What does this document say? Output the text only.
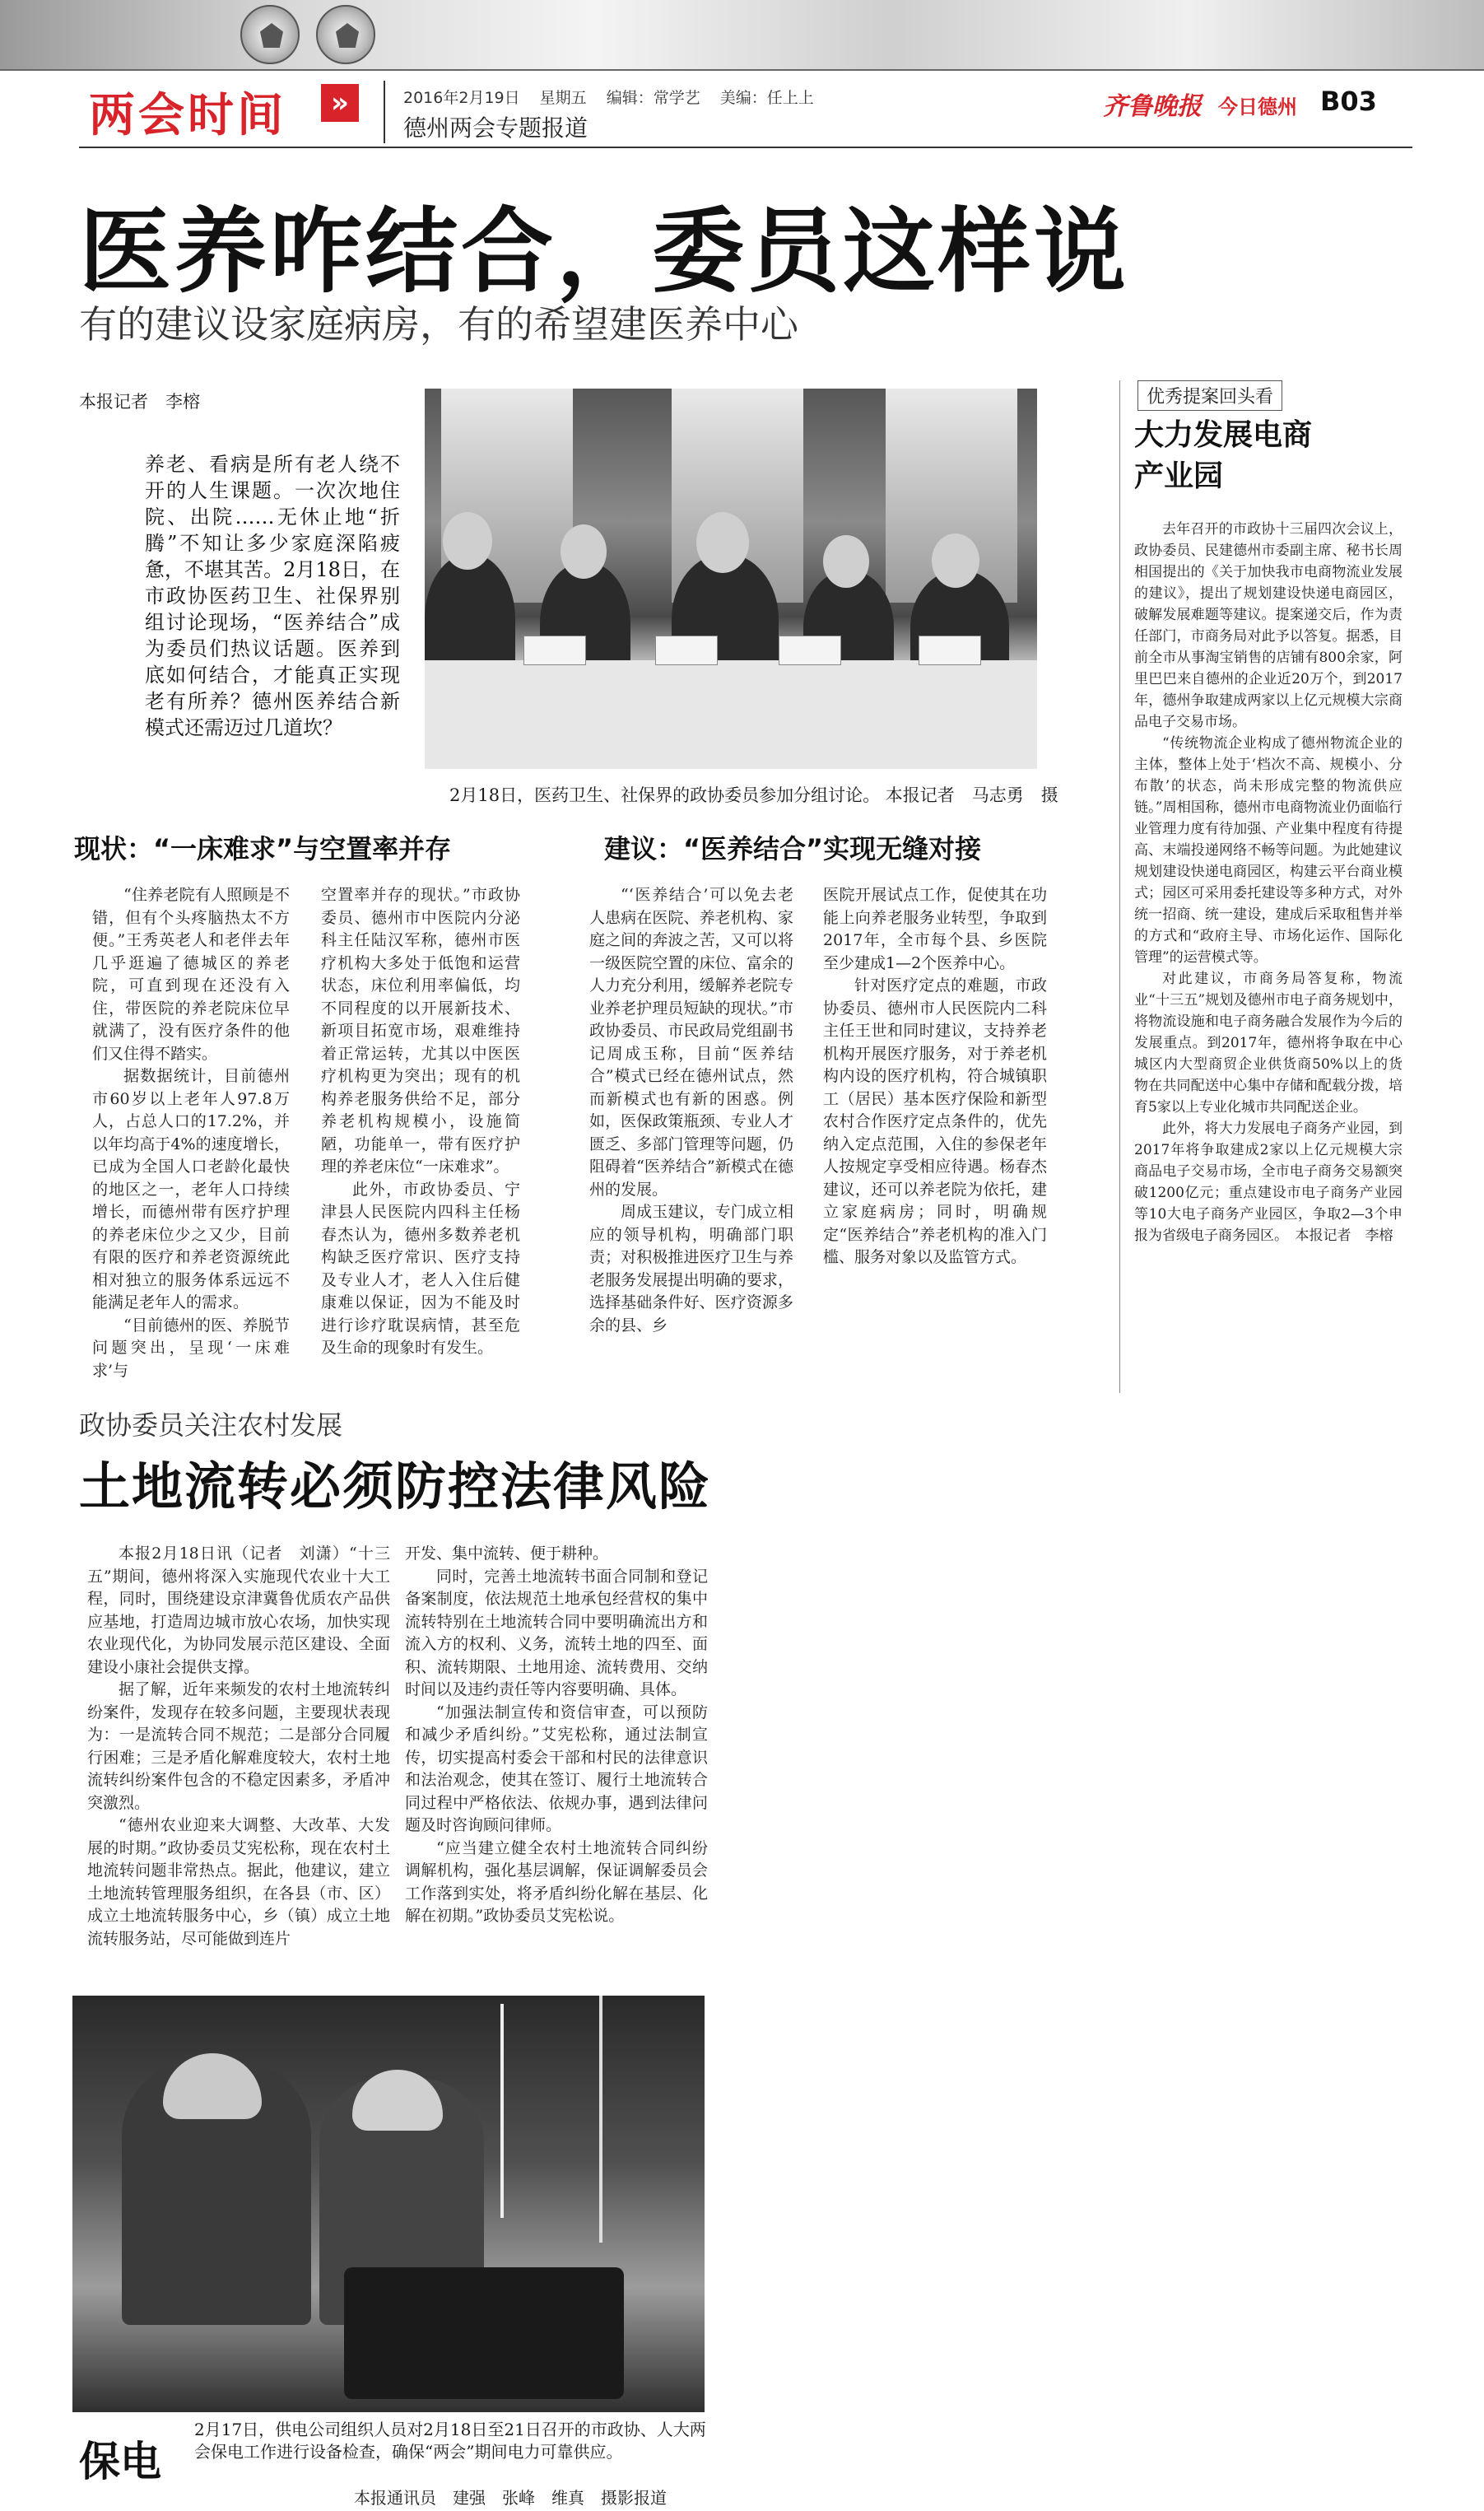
两会时间	»	2016年2月19日 星期五 编辑：常学艺 美编：任上上
德州两会专题报道
齐鲁晚报 今日德州 B03
医养咋结合，委员这样说
有的建议设家庭病房，有的希望建医养中心
本报记者　李榕
养老、看病是所有老人绕不开的人生课题。一次次地住院、出院……无休止地“折腾”不知让多少家庭深陷疲惫，不堪其苦。2月18日，在市政协医药卫生、社保界别组讨论现场，“医养结合”成为委员们热议话题。医养到底如何结合，才能真正实现老有所养？德州医养结合新模式还需迈过几道坎？
2月18日，医药卫生、社保界的政协委员参加分组讨论。 本报记者　马志勇　摄
现状：“一床难求”与空置率并存

“住养老院有人照顾是不错，但有个头疼脑热太不方便。”王秀英老人和老伴去年几乎逛遍了德城区的养老院，可直到现在还没有入住，带医院的养老院床位早就满了，没有医疗条件的他们又住得不踏实。

据数据统计，目前德州市60岁以上老年人97.8万人，占总人口的17.2%，并以年均高于4%的速度增长，已成为全国人口老龄化最快的地区之一，老年人口持续增长，而德州带有医疗护理的养老床位少之又少，目前有限的医疗和养老资源统此相对独立的服务体系远远不能满足老年人的需求。

“目前德州的医、养脱节问题突出，呈现‘一床难求’与

空置率并存的现状。”市政协委员、德州市中医院内分泌科主任陆汉军称，德州市医疗机构大多处于低饱和运营状态，床位利用率偏低，均不同程度的以开展新技术、新项目拓宽市场，艰难维持着正常运转，尤其以中医医疗机构更为突出；现有的机构养老服务供给不足，部分养老机构规模小，设施简陋，功能单一，带有医疗护理的养老床位“一床难求”。

此外，市政协委员、宁津县人民医院内四科主任杨春杰认为，德州多数养老机构缺乏医疗常识、医疗支持及专业人才，老人入住后健康难以保证，因为不能及时进行诊疗耽误病情，甚至危及生命的现象时有发生。

建议：“医养结合”实现无缝对接

“‘医养结合’可以免去老人患病在医院、养老机构、家庭之间的奔波之苦，又可以将一级医院空置的床位、富余的人力充分利用，缓解养老院专业养老护理员短缺的现状。”市政协委员、市民政局党组副书记周成玉称，目前“医养结合”模式已经在德州试点，然而新模式也有新的困惑。例如，医保政策瓶颈、专业人才匮乏、多部门管理等问题，仍阻碍着“医养结合”新模式在德州的发展。

周成玉建议，专门成立相应的领导机构，明确部门职责；对积极推进医疗卫生与养老服务发展提出明确的要求，选择基础条件好、医疗资源多余的县、乡

医院开展试点工作，促使其在功能上向养老服务业转型，争取到2017年，全市每个县、乡医院至少建成1—2个医养中心。

针对医疗定点的难题，市政协委员、德州市人民医院内二科主任王世和同时建议，支持养老机构开展医疗服务，对于养老机构内设的医疗机构，符合城镇职工（居民）基本医疗保险和新型农村合作医疗定点条件的，优先纳入定点范围，入住的参保老年人按规定享受相应待遇。杨春杰建议，还可以养老院为依托，建立家庭病房；同时，明确规定“医养结合”养老机构的准入门槛、服务对象以及监管方式。

优秀提案回头看
大力发展电商产业园

去年召开的市政协十三届四次会议上，政协委员、民建德州市委副主席、秘书长周相国提出的《关于加快我市电商物流业发展的建议》，提出了规划建设快递电商园区，破解发展难题等建议。提案递交后，作为责任部门，市商务局对此予以答复。据悉，目前全市从事淘宝销售的店铺有800余家，阿里巴巴来自德州的企业近20万个，到2017年，德州争取建成两家以上亿元规模大宗商品电子交易市场。

“传统物流企业构成了德州物流企业的主体，整体上处于‘档次不高、规模小、分布散’的状态，尚未形成完整的物流供应链。”周相国称，德州市电商物流业仍面临行业管理力度有待加强、产业集中程度有待提高、末端投递网络不畅等问题。为此她建议规划建设快递电商园区，构建云平台商业模式；园区可采用委托建设等多种方式，对外统一招商、统一建设，建成后采取租售并举的方式和“政府主导、市场化运作、国际化管理”的运营模式等。

对此建议，市商务局答复称，物流业“十三五”规划及德州市电子商务规划中，将物流设施和电子商务融合发展作为今后的发展重点。到2017年，德州将争取在中心城区内大型商贸企业供货商50%以上的货物在共同配送中心集中存储和配载分拨，培育5家以上专业化城市共同配送企业。

此外，将大力发展电子商务产业园，到2017年将争取建成2家以上亿元规模大宗商品电子交易市场，全市电子商务交易额突破1200亿元；重点建设市电子商务产业园等10大电子商务产业园区，争取2—3个申报为省级电子商务园区。　本报记者　李榕

政协委员关注农村发展
土地流转必须防控法律风险

本报2月18日讯（记者　刘潇）“十三五”期间，德州将深入实施现代农业十大工程，同时，围绕建设京津冀鲁优质农产品供应基地，打造周边城市放心农场，加快实现农业现代化，为协同发展示范区建设、全面建设小康社会提供支撑。

据了解，近年来频发的农村土地流转纠纷案件，发现存在较多问题，主要现状表现为：一是流转合同不规范；二是部分合同履行困难；三是矛盾化解难度较大，农村土地流转纠纷案件包含的不稳定因素多，矛盾冲突激烈。

“德州农业迎来大调整、大改革、大发展的时期。”政协委员艾宪松称，现在农村土地流转问题非常热点。据此，他建议，建立土地流转管理服务组织，在各县（市、区）成立土地流转服务中心，乡（镇）成立土地流转服务站，尽可能做到连片

开发、集中流转、便于耕种。

同时，完善土地流转书面合同制和登记备案制度，依法规范土地承包经营权的集中流转特别在土地流转合同中要明确流出方和流入方的权利、义务，流转土地的四至、面积、流转期限、土地用途、流转费用、交纳时间以及违约责任等内容要明确、具体。

“加强法制宣传和资信审查，可以预防和减少矛盾纠纷。”艾宪松称，通过法制宣传，切实提高村委会干部和村民的法律意识和法治观念，使其在签订、履行土地流转合同过程中严格依法、依规办事，遇到法律问题及时咨询顾问律师。

“应当建立健全农村土地流转合同纠纷调解机构，强化基层调解，保证调解委员会工作落到实处，将矛盾纠纷化解在基层、化解在初期。”政协委员艾宪松说。

保电
2月17日，供电公司组织人员对2月18日至21日召开的市政协、人大两会保电工作进行设备检查，确保“两会”期间电力可靠供应。
本报通讯员　建强　张峰　维真　摄影报道
